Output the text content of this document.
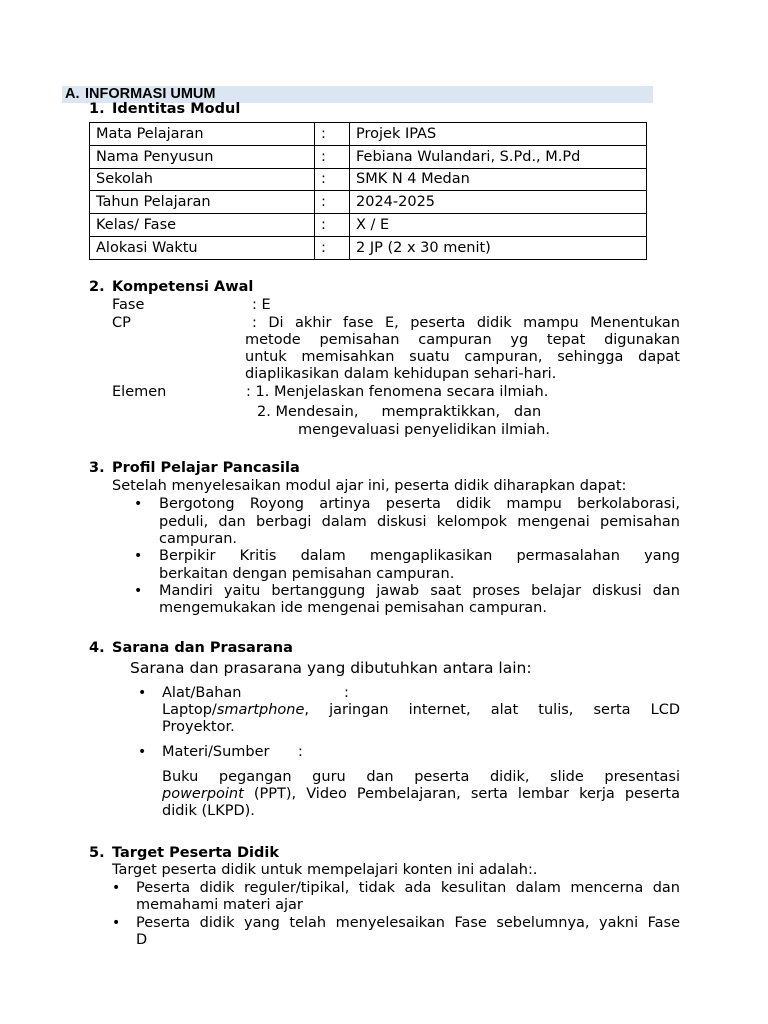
A. INFORMASI UMUM
1. Identitas Modul
Mata Pelajaran	:	Projek IPAS
Nama Penyusun	:	Febiana Wulandari, S.Pd., M.Pd
Sekolah	:	SMK N 4 Medan
Tahun Pelajaran	:	2024-2025
Kelas/ Fase	:	X / E
Alokasi Waktu	:	2 JP (2 x 30 menit)
2. Kompetensi Awal
Fase	: E
CP	: Di akhir fase E, peserta didik mampu Menentukan
metode pemisahan campuran yg tepat digunakan
untuk memisahkan suatu campuran, sehingga dapat
diaplikasikan dalam kehidupan sehari-hari.
Elemen	: 1. Menjelaskan fenomena secara ilmiah.
2. Mendesain,     mempraktikkan,   dan
mengevaluasi penyelidikan ilmiah.
3. Profil Pelajar Pancasila
Setelah menyelesaikan modul ajar ini, peserta didik diharapkan dapat:
• Bergotong Royong artinya peserta didik mampu berkolaborasi,
peduli, dan berbagi dalam diskusi kelompok mengenai pemisahan
campuran.
• Berpikir Kritis dalam mengaplikasikan permasalahan yang
berkaitan dengan pemisahan campuran.
• Mandiri yaitu bertanggung jawab saat proses belajar diskusi dan
mengemukakan ide mengenai pemisahan campuran.
4. Sarana dan Prasarana
Sarana dan prasarana yang dibutuhkan antara lain:
• Alat/Bahan	:
Laptop/smartphone, jaringan internet, alat tulis, serta LCD
Proyektor.
• Materi/Sumber :
Buku pegangan guru dan peserta didik, slide presentasi
powerpoint (PPT), Video Pembelajaran, serta lembar kerja peserta
didik (LKPD).
5. Target Peserta Didik
Target peserta didik untuk mempelajari konten ini adalah:.
• Peserta didik reguler/tipikal, tidak ada kesulitan dalam mencerna dan
memahami materi ajar
• Peserta didik yang telah menyelesaikan Fase sebelumnya, yakni Fase
D
